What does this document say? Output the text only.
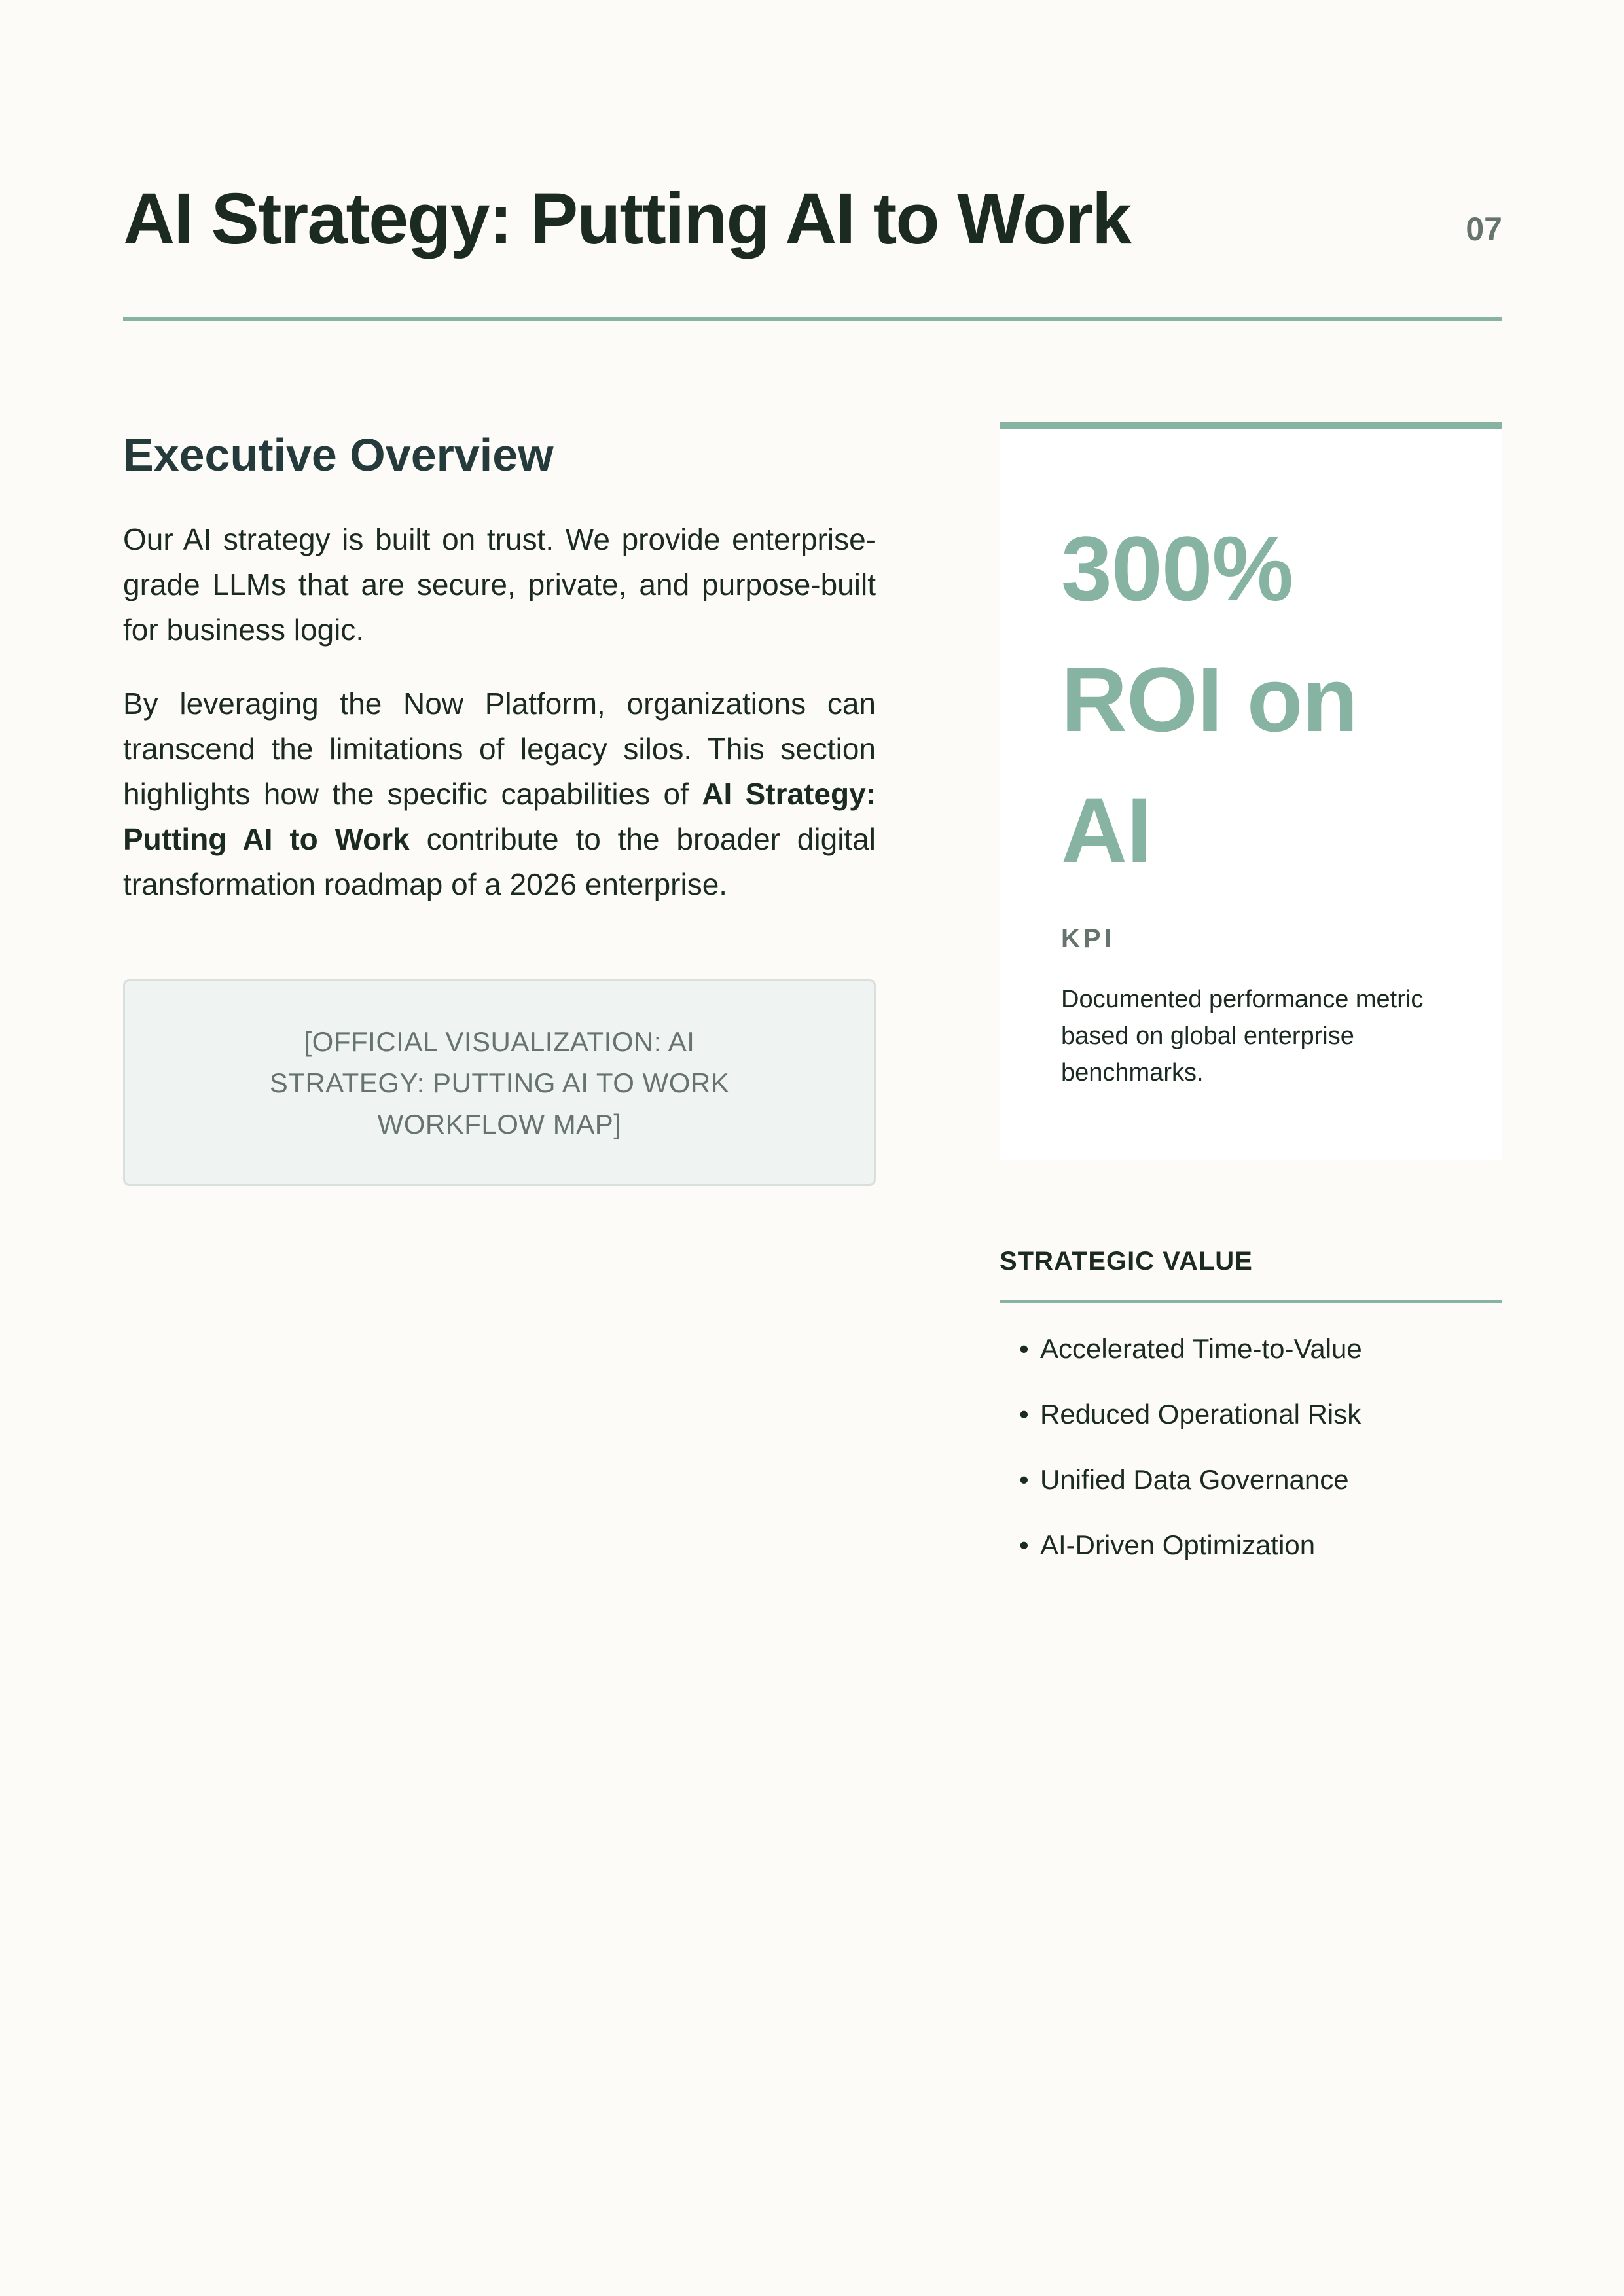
AI Strategy: Putting AI to Work	07
Executive Overview

Our AI strategy is built on trust. We provide enterprise-grade LLMs that are secure, private, and purpose-built for business logic.

By leveraging the Now Platform, organizations can transcend the limitations of legacy silos. This section highlights how the specific capabilities of AI Strategy: Putting AI to Work contribute to the broader digital transformation roadmap of a 2026 enterprise.

[OFFICIAL VISUALIZATION: AI STRATEGY: PUTTING AI TO WORK WORKFLOW MAP]

300% ROI on AI

KPI
Documented performance metric based on global enterprise benchmarks.
STRATEGIC VALUE
• Accelerated Time-to-Value
• Reduced Operational Risk
• Unified Data Governance
• AI-Driven Optimization
